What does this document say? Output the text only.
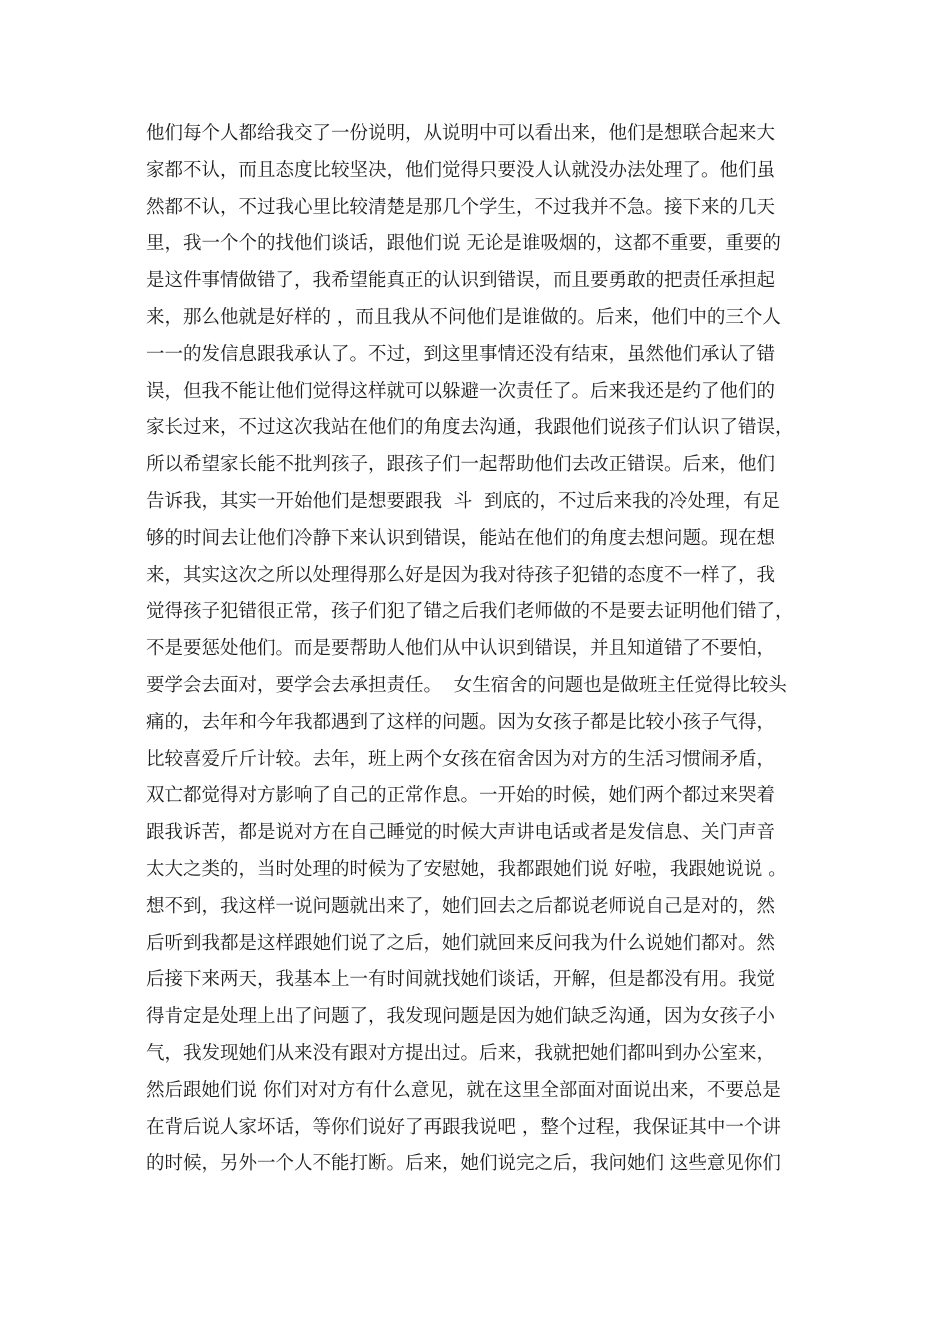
他们每个人都给我交了一份说明，从说明中可以看出来，他们是想联合起来大
家都不认，而且态度比较坚决，他们觉得只要没人认就没办法处理了。他们虽
然都不认，不过我心里比较清楚是那几个学生，不过我并不急。接下来的几天
里，我一个个的找他们谈话，跟他们说 无论是谁吸烟的，这都不重要，重要的
是这件事情做错了，我希望能真正的认识到错误，而且要勇敢的把责任承担起
来，那么他就是好样的 ，而且我从不问他们是谁做的。后来，他们中的三个人
一一的发信息跟我承认了。不过，到这里事情还没有结束，虽然他们承认了错
误，但我不能让他们觉得这样就可以躲避一次责任了。后来我还是约了他们的
家长过来，不过这次我站在他们的角度去沟通，我跟他们说孩子们认识了错误，
所以希望家长能不批判孩子，跟孩子们一起帮助他们去改正错误。后来，他们
告诉我，其实一开始他们是想要跟我  斗  到底的，不过后来我的冷处理，有足
够的时间去让他们冷静下来认识到错误，能站在他们的角度去想问题。现在想
来，其实这次之所以处理得那么好是因为我对待孩子犯错的态度不一样了，我
觉得孩子犯错很正常，孩子们犯了错之后我们老师做的不是要去证明他们错了，
不是要惩处他们。而是要帮助人他们从中认识到错误，并且知道错了不要怕，
要学会去面对，要学会去承担责任。  女生宿舍的问题也是做班主任觉得比较头
痛的，去年和今年我都遇到了这样的问题。因为女孩子都是比较小孩子气得，
比较喜爱斤斤计较。去年，班上两个女孩在宿舍因为对方的生活习惯闹矛盾，
双亡都觉得对方影响了自己的正常作息。一开始的时候，她们两个都过来哭着
跟我诉苦，都是说对方在自己睡觉的时候大声讲电话或者是发信息、关门声音
太大之类的，当时处理的时候为了安慰她，我都跟她们说 好啦，我跟她说说 。
想不到，我这样一说问题就出来了，她们回去之后都说老师说自己是对的，然
后听到我都是这样跟她们说了之后，她们就回来反问我为什么说她们都对。然
后接下来两天，我基本上一有时间就找她们谈话，开解，但是都没有用。我觉
得肯定是处理上出了问题了，我发现问题是因为她们缺乏沟通，因为女孩子小
气，我发现她们从来没有跟对方提出过。后来，我就把她们都叫到办公室来，
然后跟她们说 你们对对方有什么意见，就在这里全部面对面说出来，不要总是
在背后说人家坏话，等你们说好了再跟我说吧 ，整个过程，我保证其中一个讲
的时候，另外一个人不能打断。后来，她们说完之后，我问她们 这些意见你们
